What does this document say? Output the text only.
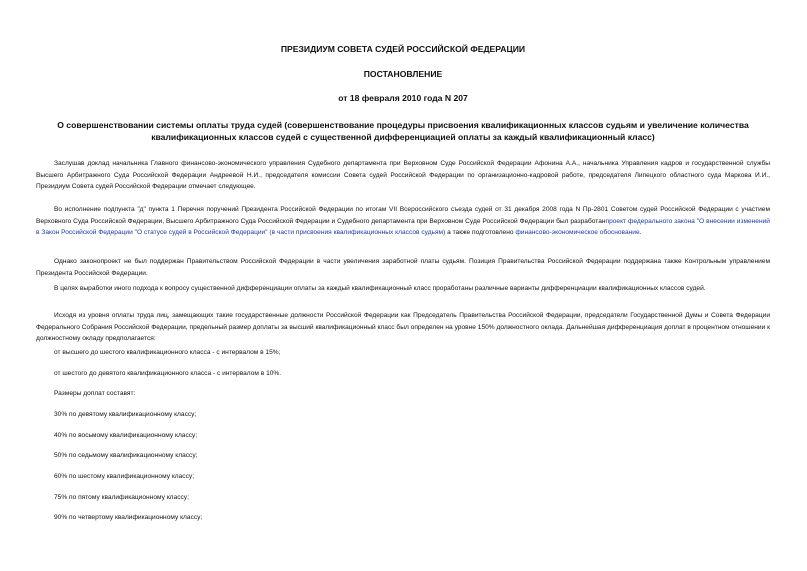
ПРЕЗИДИУМ СОВЕТА СУДЕЙ РОССИЙСКОЙ ФЕДЕРАЦИИ
ПОСТАНОВЛЕНИЕ
от 18 февраля 2010 года N 207
О совершенствовании системы оплаты труда судей (совершенствование процедуры присвоения квалификационных классов судьям и увеличение количества квалификационных классов судей с существенной дифференциацией оплаты за каждый квалификационный класс)

Заслушав доклад начальника Главного финансово-экономического управления Судебного департамента при Верховном Суде Российской Федерации Афонина А.А., начальника Управления кадров и государственной службы Высшего Арбитражного Суда Российской Федерации Андреевой Н.И., председателя комиссии Совета судей Российской Федерации по организационно-кадровой работе, председателя Липецкого областного суда Маркова И.И., Президиум Совета судей Российской Федерации отмечает следующее.

Во исполнение подпункта "д" пункта 1 Перечня поручений Президента Российской Федерации по итогам VII Всероссийского съезда судей от 31 декабря 2008 года N Пр-2801 Советом судей Российской Федерации с участием Верховного Суда Российской Федерации, Высшего Арбитражного Суда Российской Федерации и Судебного департамента при Верховном Суде Российской Федерации был разработанпроект федерального закона "О внесении изменений в Закон Российской Федерации "О статусе судей в Российской Федерации" (в части присвоения квалификационных классов судьям) а также подготовлено финансово-экономическое обоснование.

Однако законопроект не был поддержан Правительством Российской Федерации в части увеличения заработной платы судьям. Позиция Правительства Российской Федерации поддержана также Контрольным управлением Президента Российской Федерации.

В целях выработки иного подхода к вопросу существенной дифференциации оплаты за каждый квалификационный класс проработаны различные варианты дифференциации квалификационных классов судей.

Исходя из уровня оплаты труда лиц, замещающих такие государственные должности Российской Федерации как Председатель Правительства Российской Федерации, председатели Государственной Думы и Совета Федерации Федерального Собрания Российской Федерации, предельный размер доплаты за высший квалификационный класс был определен на уровне 150% должностного оклада. Дальнейшая дифференциация доплат в процентном отношении к должностному окладу предполагается:

от высшего до шестого квалификационного класса - с интервалом в 15%;
от шестого до девятого квалификационного класса - с интервалом в 10%.
Размеры доплат составят:
30% по девятому квалификационному классу;
40% по восьмому квалификационному классу;
50% по седьмому квалификационному классу;
60% по шестому квалификационному классу;
75% по пятому квалификационному классу;
90% по четвертому квалификационному классу;
